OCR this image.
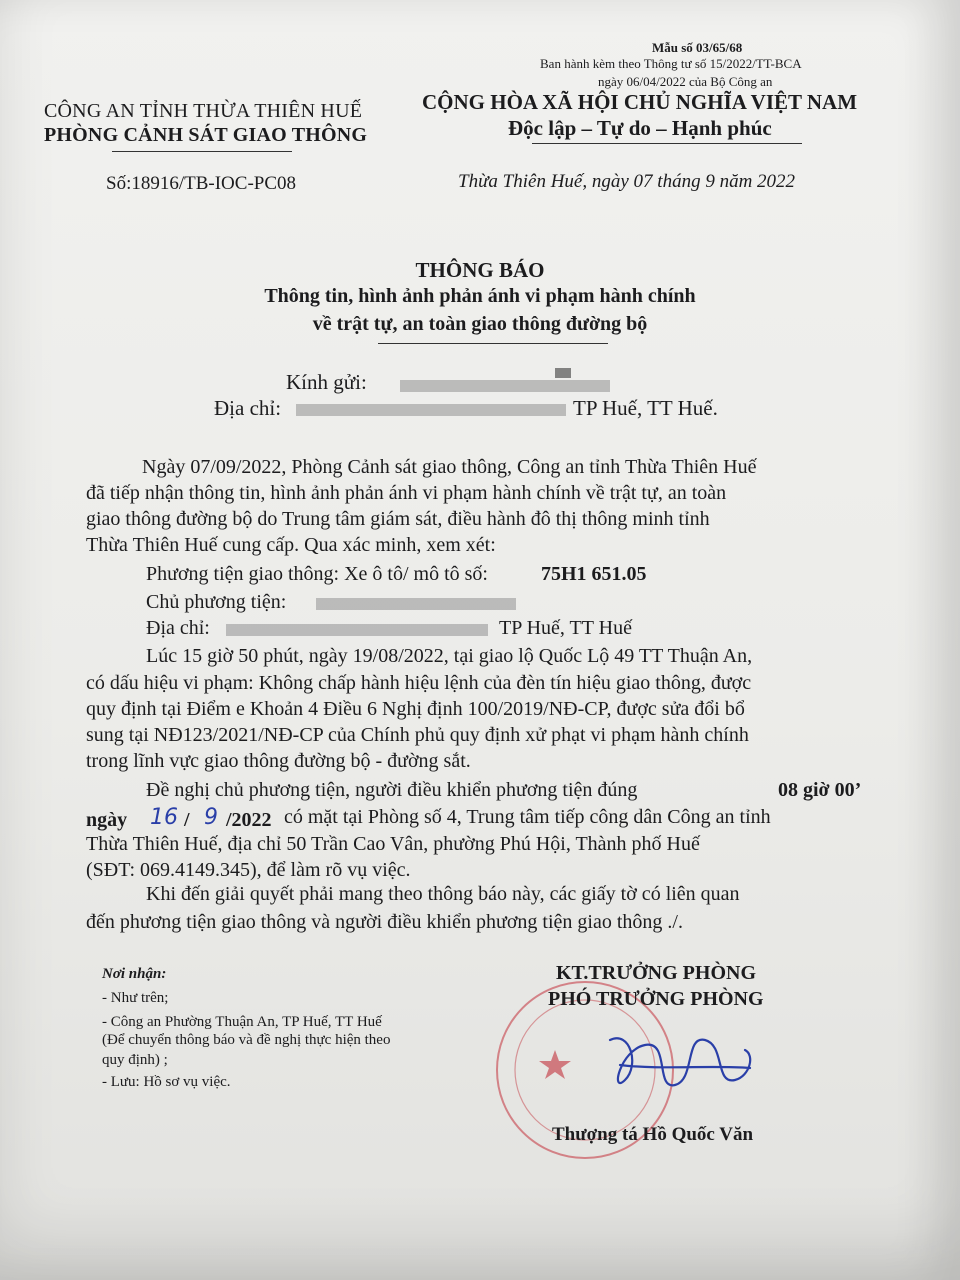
Mẫu số 03/65/68
Ban hành kèm theo Thông tư số 15/2022/TT-BCA
ngày 06/04/2022 của Bộ Công an
CÔNG AN TỈNH THỪA THIÊN HUẾ
PHÒNG CẢNH SÁT GIAO THÔNG
CỘNG HÒA XÃ HỘI CHỦ NGHĨA VIỆT NAM
Độc lập – Tự do – Hạnh phúc
Số:18916/TB-IOC-PC08	Thừa Thiên Huế, ngày 07 tháng 9 năm 2022
THÔNG BÁO
Thông tin, hình ảnh phản ánh vi phạm hành chính
về trật tự, an toàn giao thông đường bộ
Kính gửi:
Địa chỉ:	TP Huế, TT Huế.
Ngày 07/09/2022, Phòng Cảnh sát giao thông, Công an tỉnh Thừa Thiên Huế
đã tiếp nhận thông tin, hình ảnh phản ánh vi phạm hành chính về trật tự, an toàn
giao thông đường bộ do Trung tâm giám sát, điều hành đô thị thông minh tỉnh
Thừa Thiên Huế cung cấp. Qua xác minh, xem xét:
Phương tiện giao thông: Xe ô tô/ mô tô số:	75H1 651.05
Chủ phương tiện:
Địa chỉ:	TP Huế, TT Huế
Lúc 15 giờ 50 phút, ngày 19/08/2022, tại giao lộ Quốc Lộ 49 TT Thuận An,
có dấu hiệu vi phạm: Không chấp hành hiệu lệnh của đèn tín hiệu giao thông, được
quy định tại Điểm e Khoản 4 Điều 6 Nghị định 100/2019/NĐ-CP, được sửa đổi bổ
sung tại NĐ123/2021/NĐ-CP của Chính phủ quy định xử phạt vi phạm hành chính
trong lĩnh vực giao thông đường bộ - đường sắt.
Đề nghị chủ phương tiện, người điều khiển phương tiện đúng	08 giờ 00’
ngày 16 / 9 /2022 có mặt tại Phòng số 4, Trung tâm tiếp công dân Công an tỉnh
Thừa Thiên Huế, địa chỉ 50 Trần Cao Vân, phường Phú Hội, Thành phố Huế
(SĐT: 069.4149.345), để làm rõ vụ việc.
Khi đến giải quyết phải mang theo thông báo này, các giấy tờ có liên quan
đến phương tiện giao thông và người điều khiển phương tiện giao thông ./.
Nơi nhận:
- Như trên;
- Công an Phường Thuận An, TP Huế, TT Huế
(Để chuyển thông báo và đề nghị thực hiện theo
quy định) ;
- Lưu: Hồ sơ vụ việc.
KT.TRƯỞNG PHÒNG
PHÓ TRƯỞNG PHÒNG
Thượng tá Hồ Quốc Văn
